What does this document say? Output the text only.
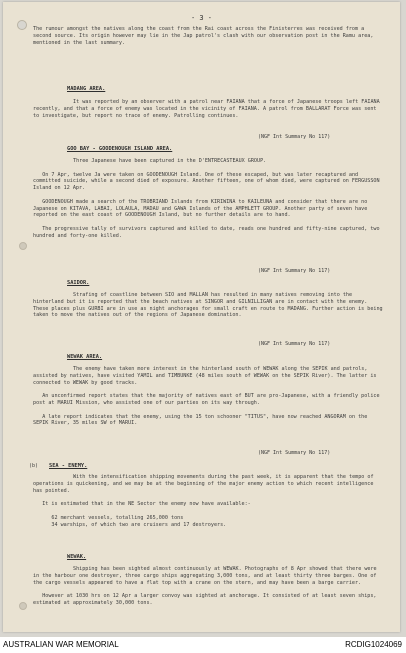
- 3 -
The rumour amongst the natives along the coast from the Rai coast across the Finisterres was received from a second source. Its origin however may lie in the Jap patrol's clash with our observation post in the Ramu area, mentioned in the last summary.
MADANG AREA.
It was reported by an observer with a patrol near FAIANA that a force of Japanese troops left FAIANA recently, and that a force of enemy was located in the vicinity of FAIANA. A patrol from BALLARAT Force was sent to investigate, but report no trace of enemy. Patrolling continues.
(NGF Int Summary No 117)
GOO BAY - GOODENOUGH ISLAND AREA.
Three Japanese have been captured in the D'ENTRECASTEAUX GROUP.

On 7 Apr, twelve Ja were taken on GOODENOUGH Island. One of these escaped, but was later recaptured and committed suicide, while a second died of exposure. Another fifteen, one of whom died, were captured on FERGUSSON Island on 12 Apr.

GOODENOUGH made a search of the TROBRIAND Islands from KIRIWINA to KAILEUNA and consider that there are no Japanese on KITAVA, LABAI, LOLAULA, MADAU and GAWA Islands of the AMPHLETT GROUP. Another party of seven have reported on the east coast of GOODENOUGH Island, but no further details are to hand.

The progressive tally of survivors captured and killed to date, reads one hundred and fifty-nine captured, two hundred and forty-one killed.
(NGF Int Summary No 117)
SAIDOR.
Strafing of coastline between SIO and MALLAN has resulted in many natives removing into the hinterland but it is reported that the beach natives at SINGOR and GILNILLIGAN are in contact with the enemy. These places plus GURBI are in use as night anchorages for small craft en route to MADANG. Further action is being taken to move the natives out of the regions of Japanese domination.
(NGF Int Summary No 117)
WEWAK AREA.
The enemy have taken more interest in the hinterland south of WEWAK along the SEPIK and patrols, assisted by natives, have visited YAMIL and TIMBUNKE (48 miles south of WEWAK on the SEPIK River). The latter is connected to WEWAK by good tracks.

An unconfirmed report states that the majority of natives east of BUT are pro-Japanese, with a friendly police post at MARUI Mission, who assisted one of our parties on its way through.

A late report indicates that the enemy, using the 15 ton schooner "TITUS", have now reached ANGORAM on the SEPIK River, 35 miles SW of MARUI.
(NGF Int Summary No 117)
(b) SEA - ENEMY.
With the intensification shipping movements during the past week, it is apparent that the tempo of operations is quickening, and we may be at the beginning of the major enemy action to which recent intelligence has pointed.

It is estimated that in the NE Sector the enemy now have available:-

62 merchant vessels, totalling 265,000 tons
34 warships, of which two are cruisers and 17 destroyers.
WEWAK.
Shipping has been sighted almost continuously at WEWAK. Photographs of 8 Apr showed that there were in the harbour one destroyer, three cargo ships aggregating 3,000 tons, and at least thirty three barges. One of the cargo vessels appeared to have a flat top with a crane on the stern, and may have been a barge carrier.

However at 1030 hrs on 12 Apr a larger convoy was sighted at anchorage. It consisted of at least seven ships, estimated at approximately 30,000 tons.
AUSTRALIAN WAR MEMORIAL	RCDIG1024069
